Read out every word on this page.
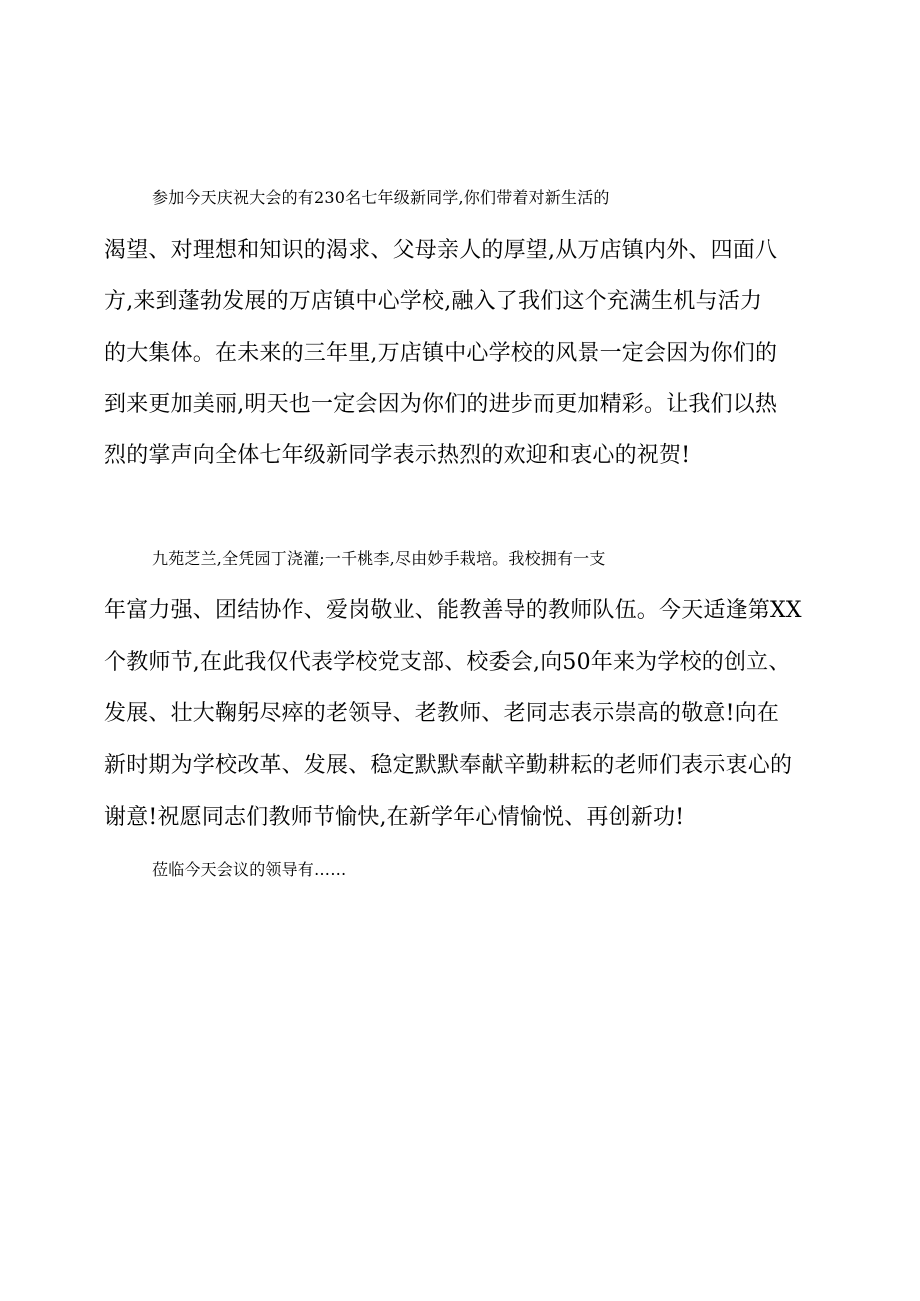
参加今天庆祝大会的有230名七年级新同学,你们带着对新生活的

渴望、对理想和知识的渴求、父母亲人的厚望,从万店镇内外、四面八

方,来到蓬勃发展的万店镇中心学校,融入了我们这个充满生机与活力

的大集体。在未来的三年里,万店镇中心学校的风景一定会因为你们的

到来更加美丽,明天也一定会因为你们的进步而更加精彩。让我们以热

烈的掌声向全体七年级新同学表示热烈的欢迎和衷心的祝贺!

九苑芝兰,全凭园丁浇灌;一千桃李,尽由妙手栽培。我校拥有一支

年富力强、团结协作、爱岗敬业、能教善导的教师队伍。今天适逢第XX

个教师节,在此我仅代表学校党支部、校委会,向50年来为学校的创立、

发展、壮大鞠躬尽瘁的老领导、老教师、老同志表示崇高的敬意!向在

新时期为学校改革、发展、稳定默默奉献辛勤耕耘的老师们表示衷心的

谢意!祝愿同志们教师节愉快,在新学年心情愉悦、再创新功!

莅临今天会议的领导有……
